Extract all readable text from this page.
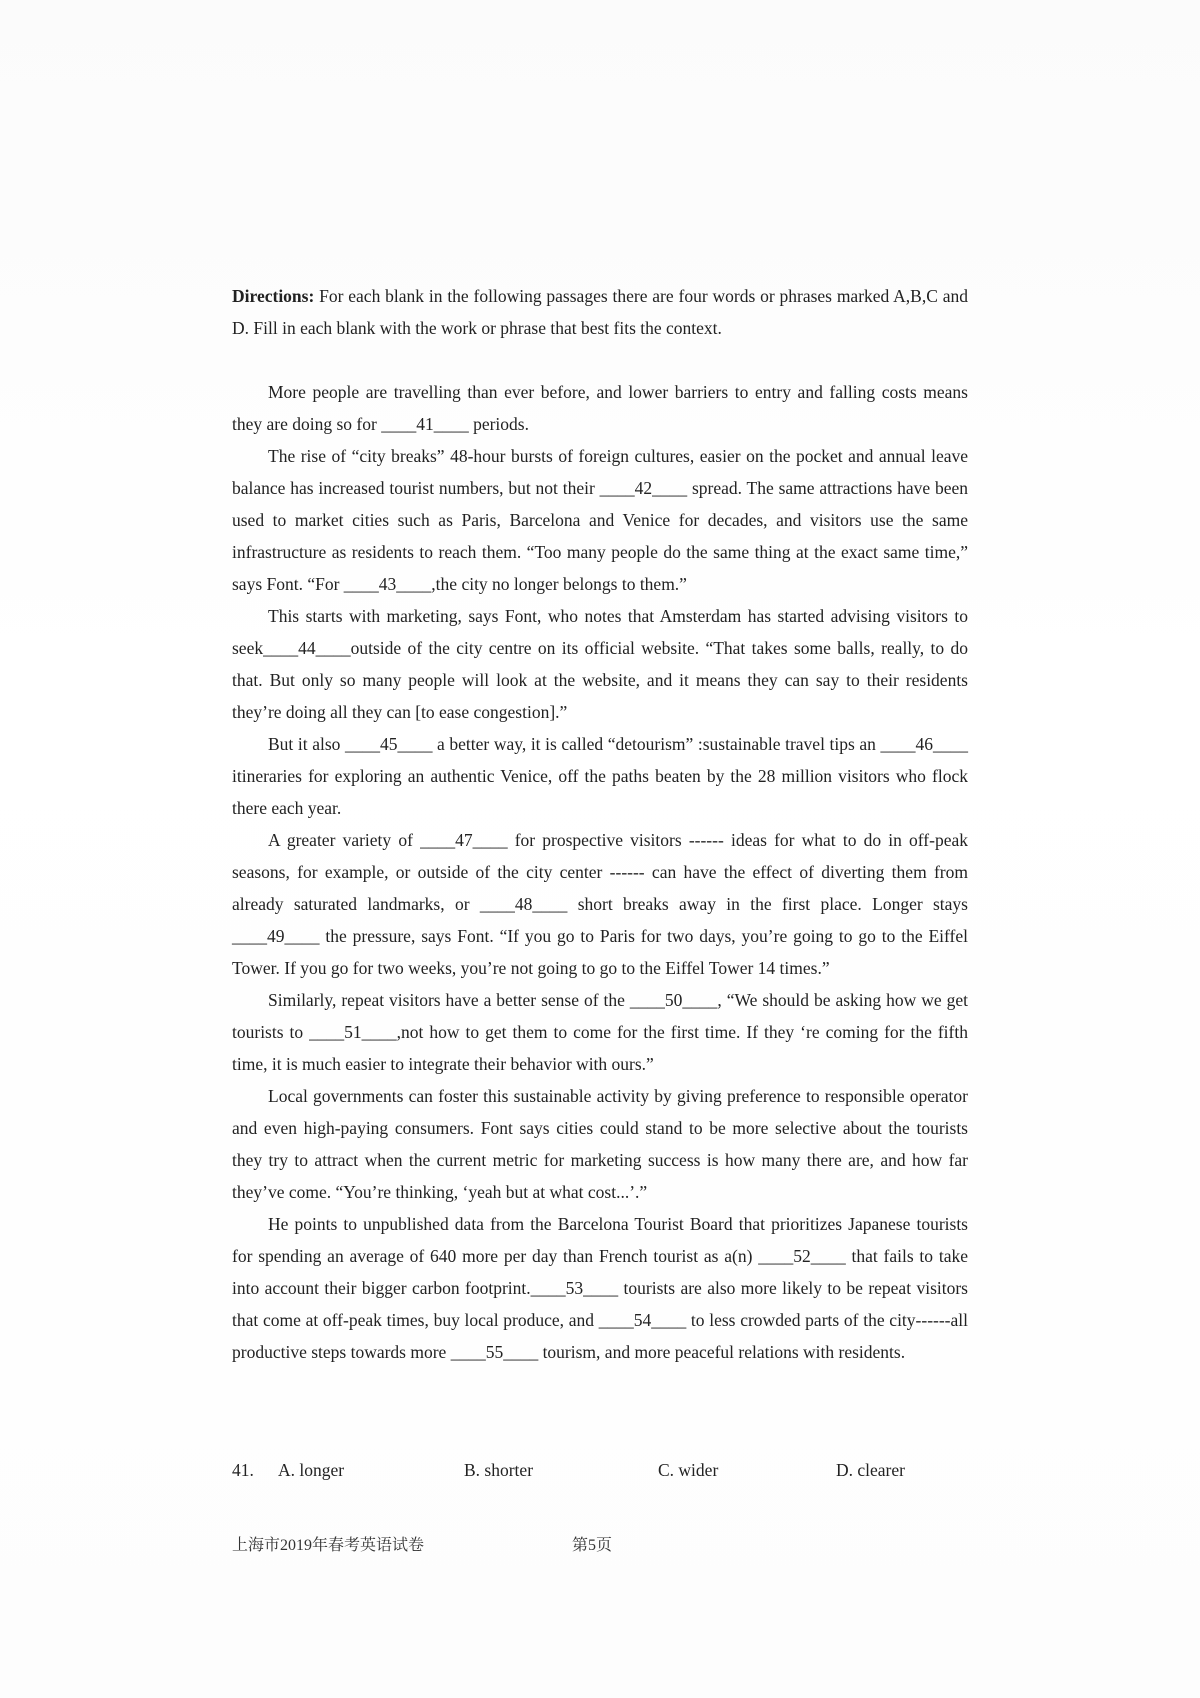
Directions: For each blank in the following passages there are four words or phrases marked A,B,C and D. Fill in each blank with the work or phrase that best fits the context.

More people are travelling than ever before, and lower barriers to entry and falling costs means they are doing so for ____41____ periods.

The rise of “city breaks” 48-hour bursts of foreign cultures, easier on the pocket and annual leave balance has increased tourist numbers, but not their ____42____ spread. The same attractions have been used to market cities such as Paris, Barcelona and Venice for decades, and visitors use the same infrastructure as residents to reach them. “Too many people do the same thing at the exact same time,” says Font. “For ____43____,the city no longer belongs to them.”

This starts with marketing, says Font, who notes that Amsterdam has started advising visitors to seek____44____outside of the city centre on its official website. “That takes some balls, really, to do that. But only so many people will look at the website, and it means they can say to their residents they’re doing all they can [to ease congestion].”

But it also ____45____ a better way, it is called “detourism” :sustainable travel tips an ____46____ itineraries for exploring an authentic Venice, off the paths beaten by the 28 million visitors who flock there each year.

A greater variety of ____47____ for prospective visitors ------ ideas for what to do in off-peak seasons, for example, or outside of the city center ------ can have the effect of diverting them from already saturated landmarks, or ____48____ short breaks away in the first place. Longer stays ____49____ the pressure, says Font. “If you go to Paris for two days, you’re going to go to the Eiffel Tower. If you go for two weeks, you’re not going to go to the Eiffel Tower 14 times.”

Similarly, repeat visitors have a better sense of the ____50____, “We should be asking how we get tourists to ____51____,not how to get them to come for the first time. If they ‘re coming for the fifth time, it is much easier to integrate their behavior with ours.”

Local governments can foster this sustainable activity by giving preference to responsible operator and even high-paying consumers. Font says cities could stand to be more selective about the tourists they try to attract when the current metric for marketing success is how many there are, and how far they’ve come. “You’re thinking, ‘yeah but at what cost...’.”

He points to unpublished data from the Barcelona Tourist Board that prioritizes Japanese tourists for spending an average of 640 more per day than French tourist as a(n) ____52____ that fails to take into account their bigger carbon footprint.____53____ tourists are also more likely to be repeat visitors that come at off-peak times, buy local produce, and ____54____ to less crowded parts of the city------all productive steps towards more ____55____ tourism, and more peaceful relations with residents.

41. A. longer	B. shorter	C. wider	D. clearer
上海市2019年春考英语试卷	第5页
